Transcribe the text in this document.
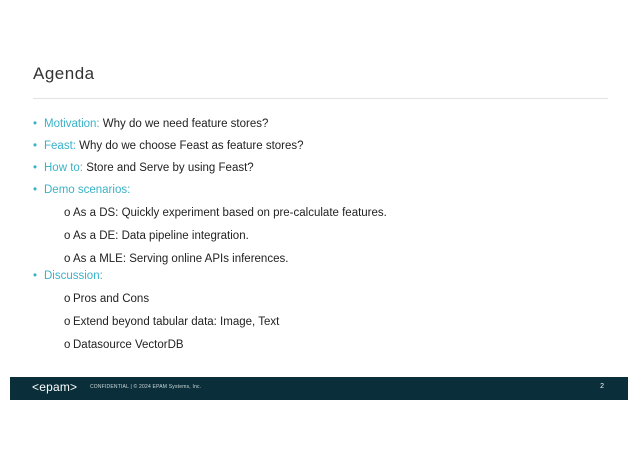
Agenda
• Motivation: Why do we need feature stores?
• Feast: Why do we choose Feast as feature stores?
• How to: Store and Serve by using Feast?
• Demo scenarios:
o As a DS: Quickly experiment based on pre-calculate features.
o As a DE: Data pipeline integration.
o As a MLE: Serving online APIs inferences.
• Discussion:
o Pros and Cons
o Extend beyond tabular data: Image, Text
o Datasource VectorDB
<epam>	CONFIDENTIAL | © 2024 EPAM Systems, Inc.	2
